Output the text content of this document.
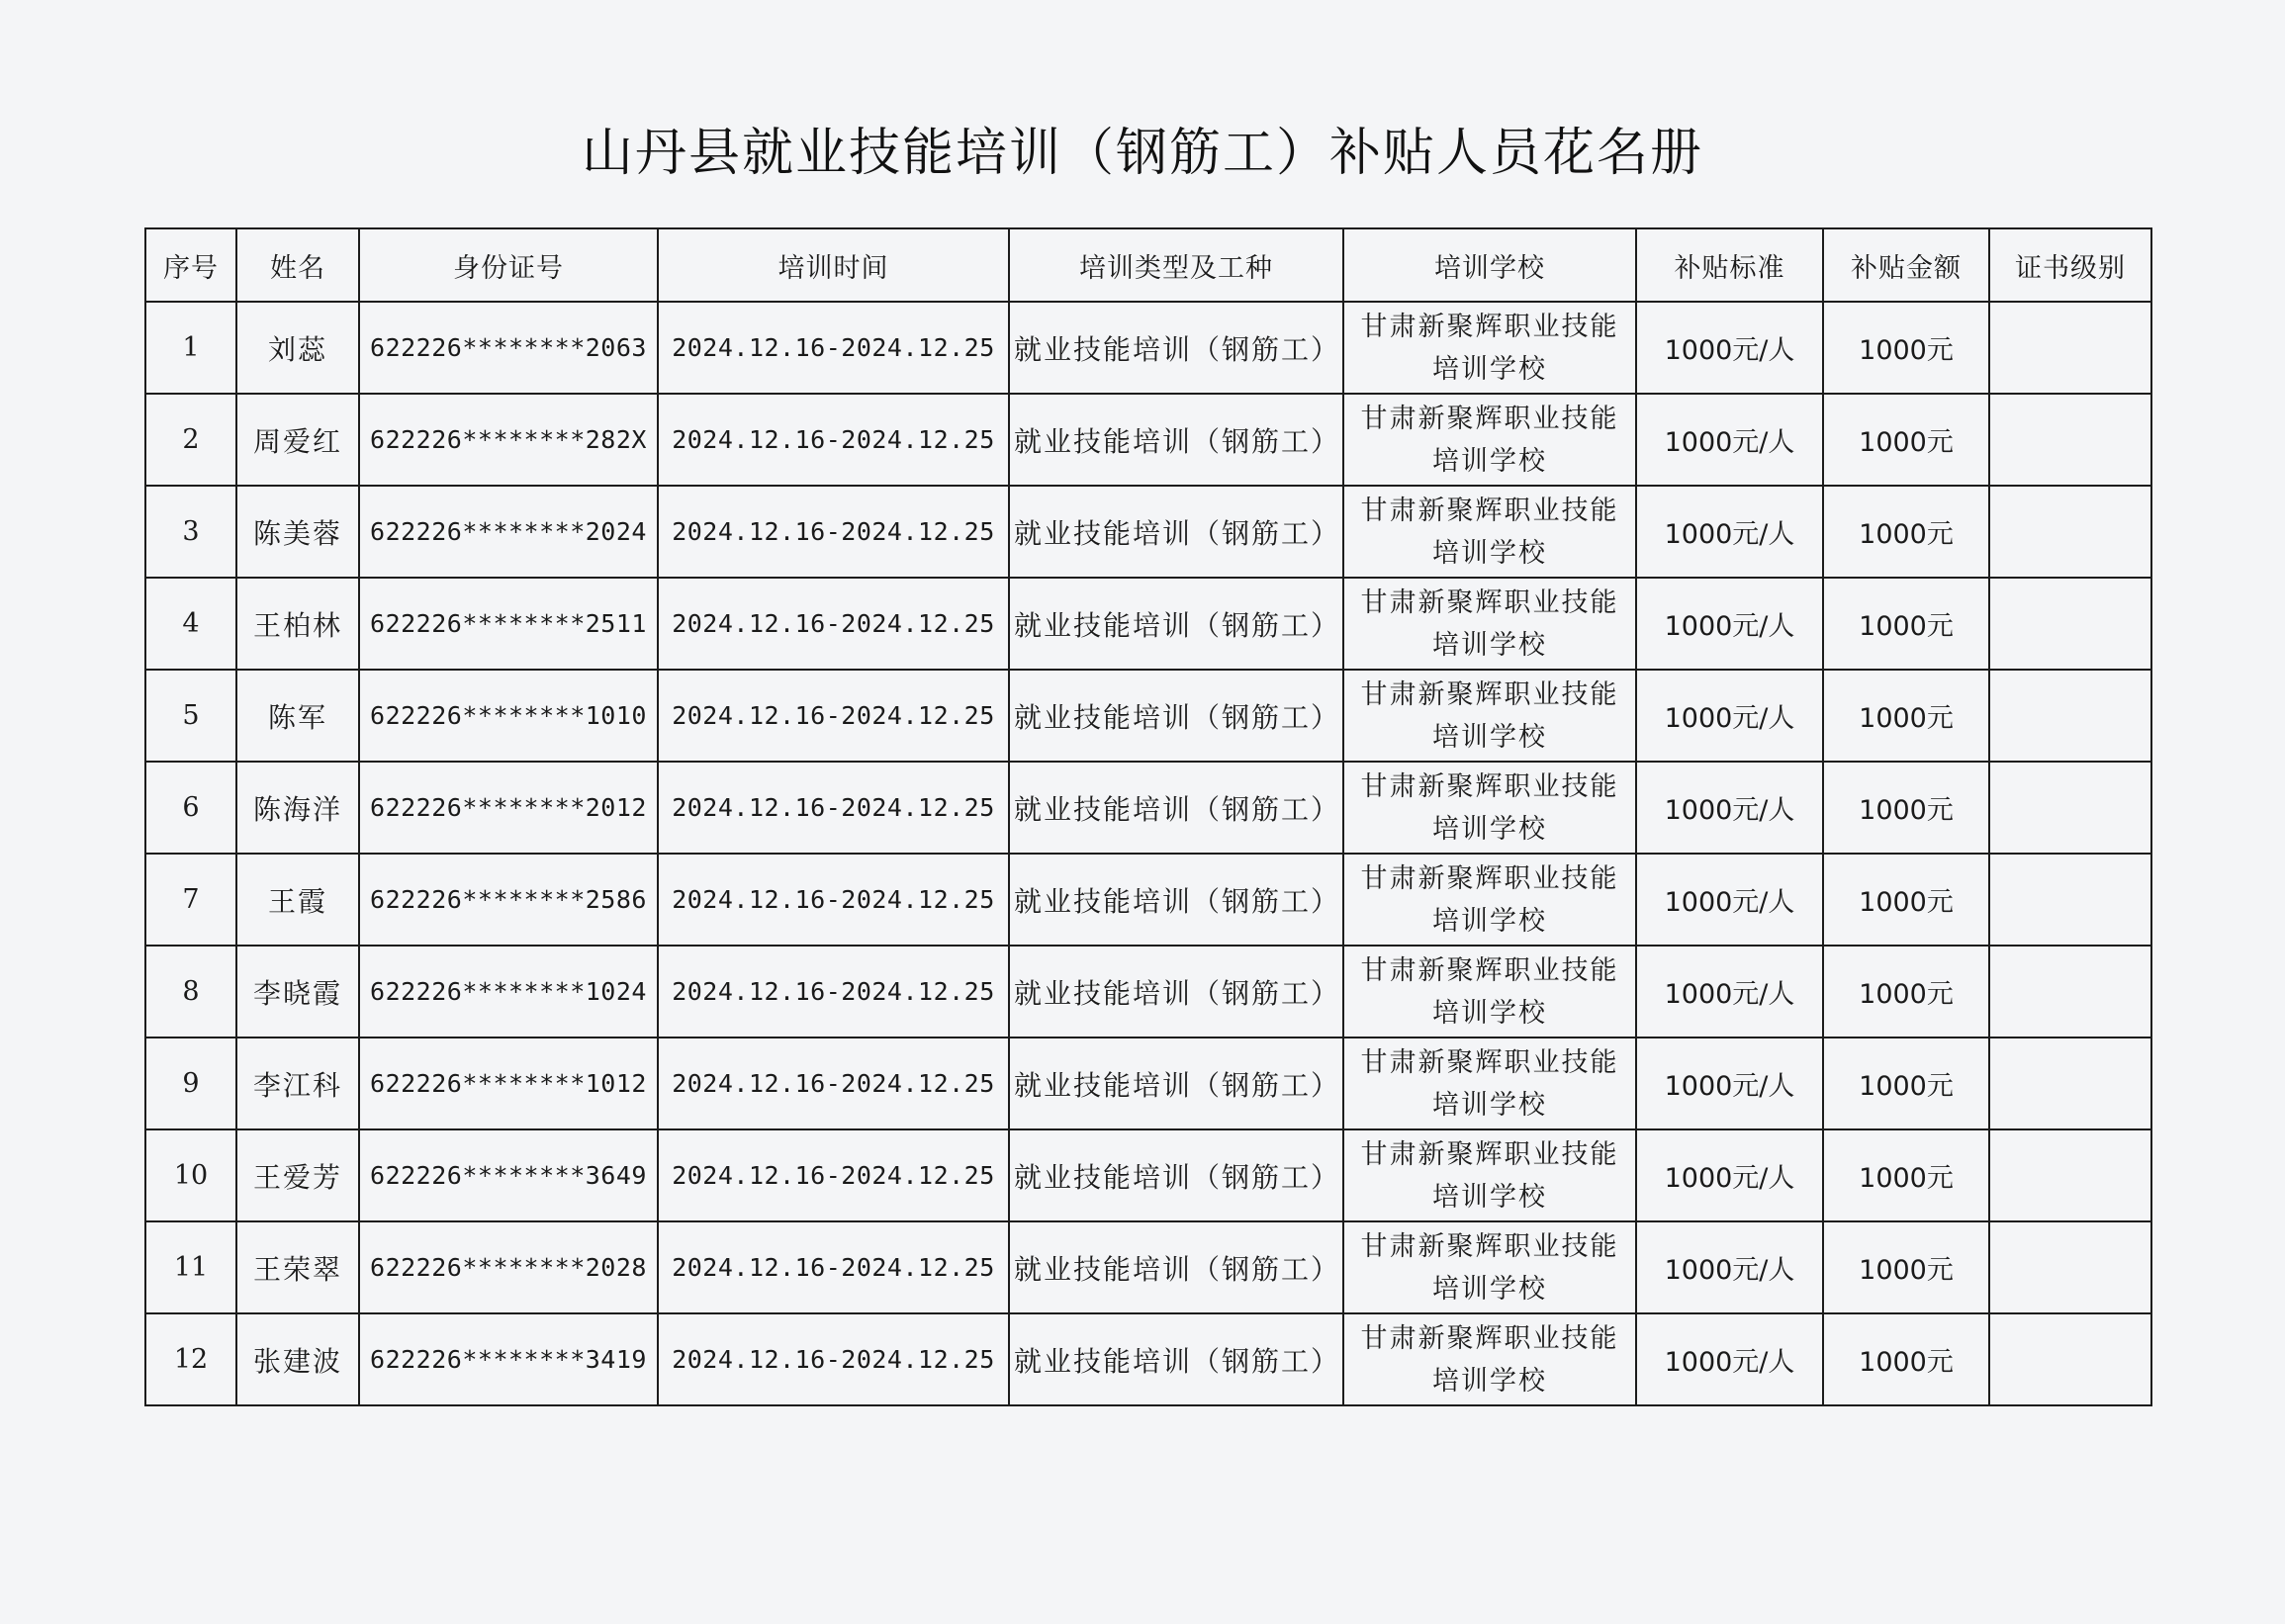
山丹县就业技能培训（钢筋工）补贴人员花名册
序号	姓名	身份证号	培训时间	培训类型及工种	培训学校	补贴标准	补贴金额	证书级别
1	刘蕊	622226********2063	2024.12.16-2024.12.25	就业技能培训（钢筋工）	甘肃新聚辉职业技能培训学校	1000元/人	1000元	
2	周爱红	622226********282X	2024.12.16-2024.12.25	就业技能培训（钢筋工）	甘肃新聚辉职业技能培训学校	1000元/人	1000元	
3	陈美蓉	622226********2024	2024.12.16-2024.12.25	就业技能培训（钢筋工）	甘肃新聚辉职业技能培训学校	1000元/人	1000元	
4	王柏林	622226********2511	2024.12.16-2024.12.25	就业技能培训（钢筋工）	甘肃新聚辉职业技能培训学校	1000元/人	1000元	
5	陈军	622226********1010	2024.12.16-2024.12.25	就业技能培训（钢筋工）	甘肃新聚辉职业技能培训学校	1000元/人	1000元	
6	陈海洋	622226********2012	2024.12.16-2024.12.25	就业技能培训（钢筋工）	甘肃新聚辉职业技能培训学校	1000元/人	1000元	
7	王霞	622226********2586	2024.12.16-2024.12.25	就业技能培训（钢筋工）	甘肃新聚辉职业技能培训学校	1000元/人	1000元	
8	李晓霞	622226********1024	2024.12.16-2024.12.25	就业技能培训（钢筋工）	甘肃新聚辉职业技能培训学校	1000元/人	1000元	
9	李江科	622226********1012	2024.12.16-2024.12.25	就业技能培训（钢筋工）	甘肃新聚辉职业技能培训学校	1000元/人	1000元	
10	王爱芳	622226********3649	2024.12.16-2024.12.25	就业技能培训（钢筋工）	甘肃新聚辉职业技能培训学校	1000元/人	1000元	
11	王荣翠	622226********2028	2024.12.16-2024.12.25	就业技能培训（钢筋工）	甘肃新聚辉职业技能培训学校	1000元/人	1000元	
12	张建波	622226********3419	2024.12.16-2024.12.25	就业技能培训（钢筋工）	甘肃新聚辉职业技能培训学校	1000元/人	1000元	
